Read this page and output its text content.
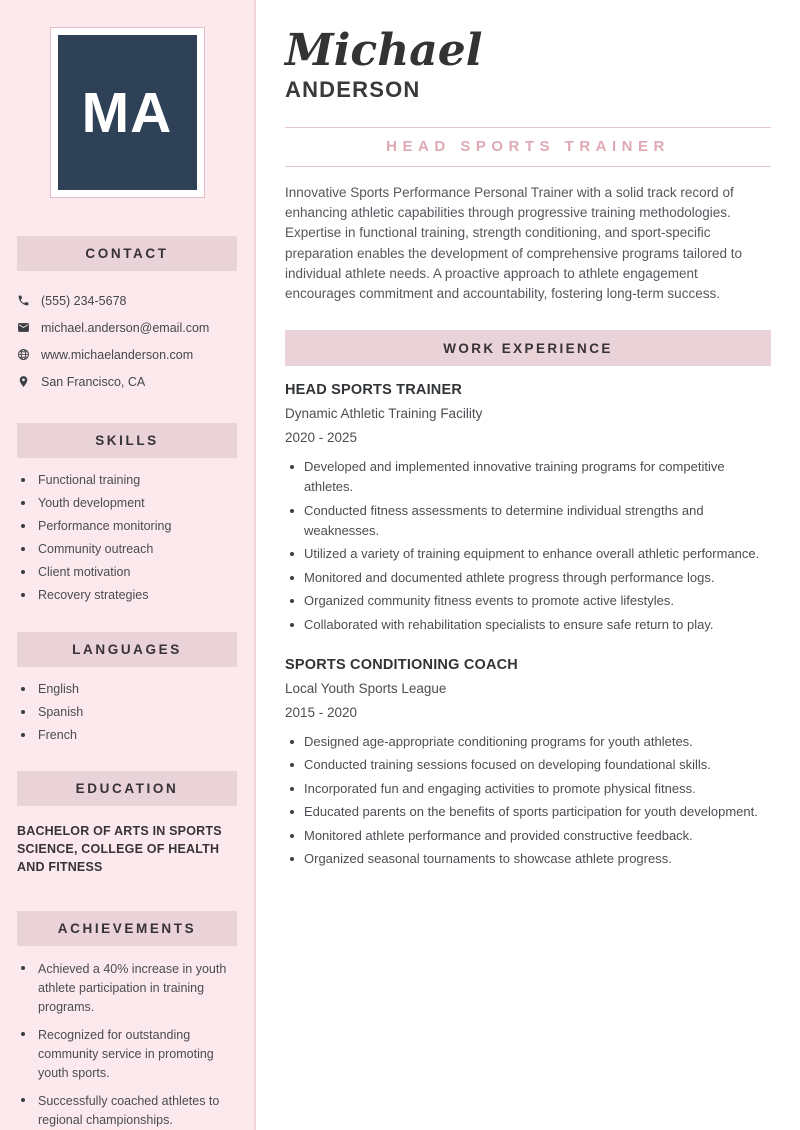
MA
CONTACT
(555) 234-5678
michael.anderson@email.com
www.michaelanderson.com
San Francisco, CA
SKILLS
Functional training
Youth development
Performance monitoring
Community outreach
Client motivation
Recovery strategies
LANGUAGES
English
Spanish
French
EDUCATION
BACHELOR OF ARTS IN SPORTS SCIENCE, COLLEGE OF HEALTH AND FITNESS
ACHIEVEMENTS
Achieved a 40% increase in youth athlete participation in training programs.
Recognized for outstanding community service in promoting youth sports.
Successfully coached athletes to regional championships.
Michael
ANDERSON
HEAD SPORTS TRAINER

Innovative Sports Performance Personal Trainer with a solid track record of enhancing athletic capabilities through progressive training methodologies. Expertise in functional training, strength conditioning, and sport-specific preparation enables the development of comprehensive programs tailored to individual athlete needs. A proactive approach to athlete engagement encourages commitment and accountability, fostering long-term success.

WORK EXPERIENCE
HEAD SPORTS TRAINER
Dynamic Athletic Training Facility
2020 - 2025
Developed and implemented innovative training programs for competitive athletes.
Conducted fitness assessments to determine individual strengths and weaknesses.
Utilized a variety of training equipment to enhance overall athletic performance.
Monitored and documented athlete progress through performance logs.
Organized community fitness events to promote active lifestyles.
Collaborated with rehabilitation specialists to ensure safe return to play.
SPORTS CONDITIONING COACH
Local Youth Sports League
2015 - 2020
Designed age-appropriate conditioning programs for youth athletes.
Conducted training sessions focused on developing foundational skills.
Incorporated fun and engaging activities to promote physical fitness.
Educated parents on the benefits of sports participation for youth development.
Monitored athlete performance and provided constructive feedback.
Organized seasonal tournaments to showcase athlete progress.
